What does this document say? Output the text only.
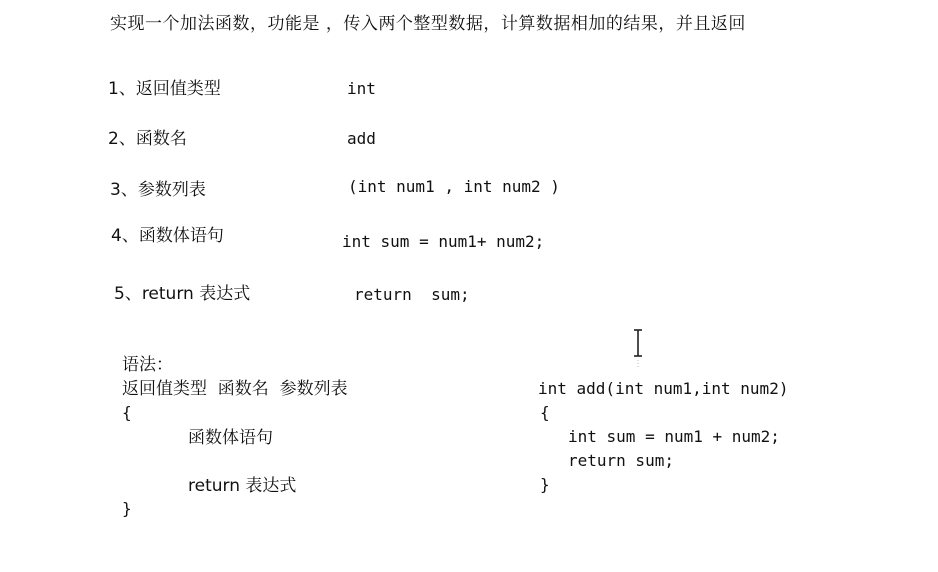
实现一个加法函数，功能是 ，传入两个整型数据，计算数据相加的结果，并且返回
1、返回值类型	int
2、函数名	add
3、参数列表	(int num1 , int num2 )
4、函数体语句	int sum = num1+ num2;
5、return 表达式	return  sum;
语法：
返回值类型  函数名  参数列表
{
函数体语句
return 表达式
}
int add(int num1,int num2)
{
int sum = num1 + num2;
return sum;
}
